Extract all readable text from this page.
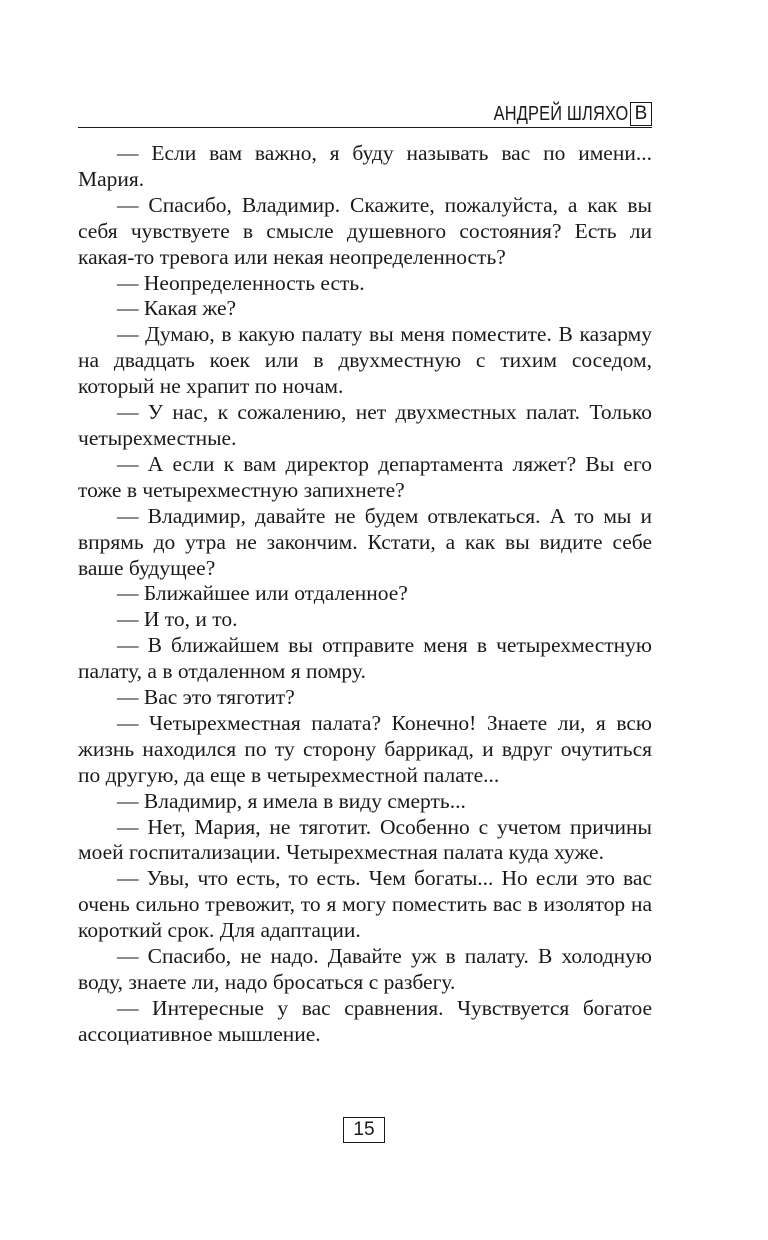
АНДРЕЙ ШЛЯХО В

— Если вам важно, я буду называть вас по имени... Мария.

— Спасибо, Владимир. Скажите, пожалуйста, а как вы себя чувствуете в смысле душевного состояния? Есть ли какая-то тревога или некая неопределенность?

— Неопределенность есть.

— Какая же?

— Думаю, в какую палату вы меня поместите. В казарму на двадцать коек или в двухместную с тихим соседом, который не храпит по ночам.

— У нас, к сожалению, нет двухместных палат. Только четырехместные.

— А если к вам директор департамента ляжет? Вы его тоже в четырехместную запихнете?

— Владимир, давайте не будем отвлекаться. А то мы и впрямь до утра не закончим. Кстати, а как вы видите себе ваше будущее?

— Ближайшее или отдаленное?

— И то, и то.

— В ближайшем вы отправите меня в четырехместную палату, а в отдаленном я помру.

— Вас это тяготит?

— Четырехместная палата? Конечно! Знаете ли, я всю жизнь находился по ту сторону баррикад, и вдруг очутиться по другую, да еще в четырехместной палате...

— Владимир, я имела в виду смерть...

— Нет, Мария, не тяготит. Особенно с учетом причины моей госпитализации. Четырехместная палата куда хуже.

— Увы, что есть, то есть. Чем богаты... Но если это вас очень сильно тревожит, то я могу поместить вас в изолятор на короткий срок. Для адаптации.

— Спасибо, не надо. Давайте уж в палату. В холодную воду, знаете ли, надо бросаться с разбегу.

— Интересные у вас сравнения. Чувствуется богатое ассоциативное мышление.

15
